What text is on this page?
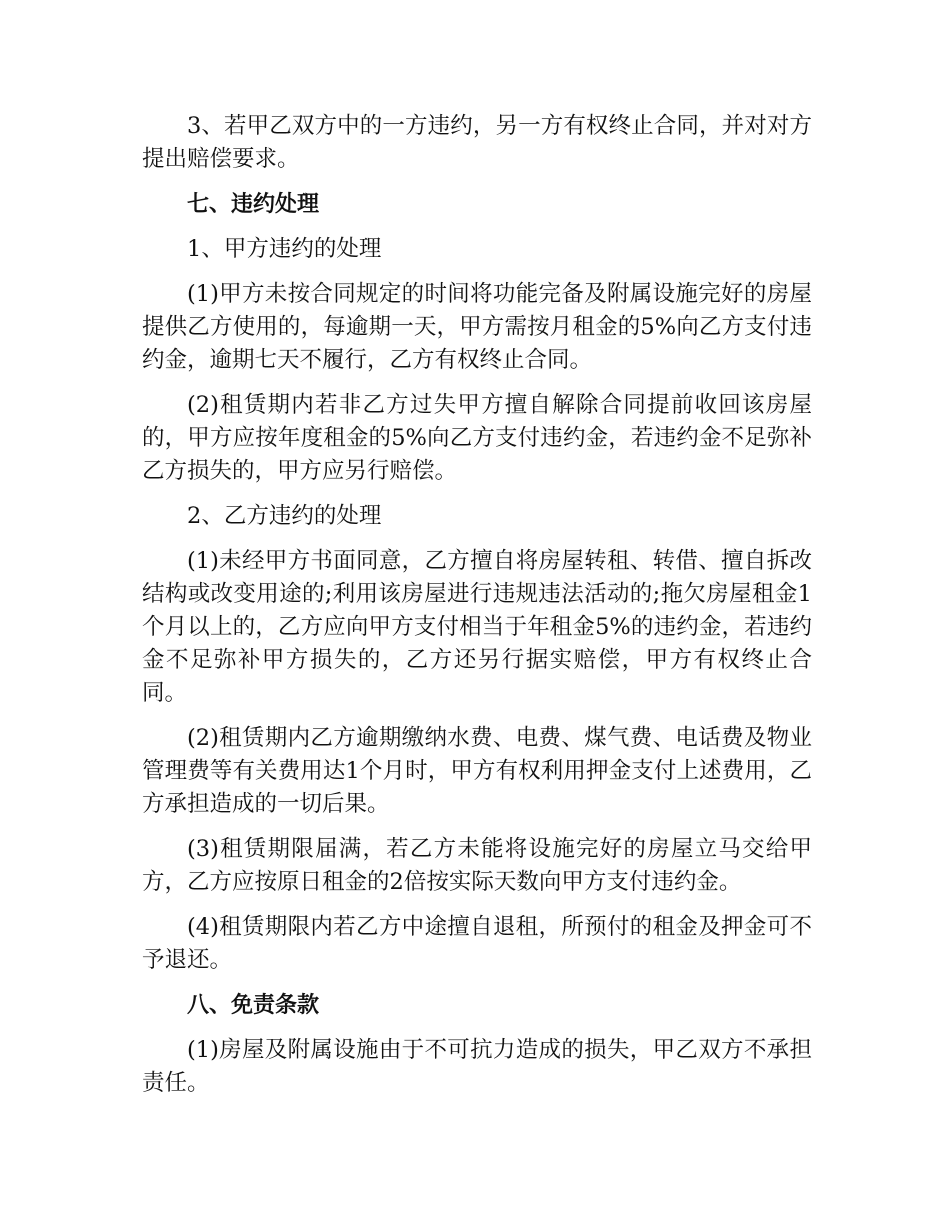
3、若甲乙双方中的一方违约，另一方有权终止合同，并对对方提出赔偿要求。

七、违约处理

1、甲方违约的处理

(1)甲方未按合同规定的时间将功能完备及附属设施完好的房屋提供乙方使用的，每逾期一天，甲方需按月租金的5%向乙方支付违约金，逾期七天不履行，乙方有权终止合同。

(2)租赁期内若非乙方过失甲方擅自解除合同提前收回该房屋的，甲方应按年度租金的5%向乙方支付违约金，若违约金不足弥补乙方损失的，甲方应另行赔偿。

2、乙方违约的处理

(1)未经甲方书面同意，乙方擅自将房屋转租、转借、擅自拆改结构或改变用途的;利用该房屋进行违规违法活动的;拖欠房屋租金1个月以上的，乙方应向甲方支付相当于年租金5%的违约金，若违约金不足弥补甲方损失的，乙方还另行据实赔偿，甲方有权终止合同。

(2)租赁期内乙方逾期缴纳水费、电费、煤气费、电话费及物业管理费等有关费用达1个月时，甲方有权利用押金支付上述费用，乙方承担造成的一切后果。

(3)租赁期限届满，若乙方未能将设施完好的房屋立马交给甲方，乙方应按原日租金的2倍按实际天数向甲方支付违约金。

(4)租赁期限内若乙方中途擅自退租，所预付的租金及押金可不予退还。

八、免责条款

(1)房屋及附属设施由于不可抗力造成的损失，甲乙双方不承担责任。
